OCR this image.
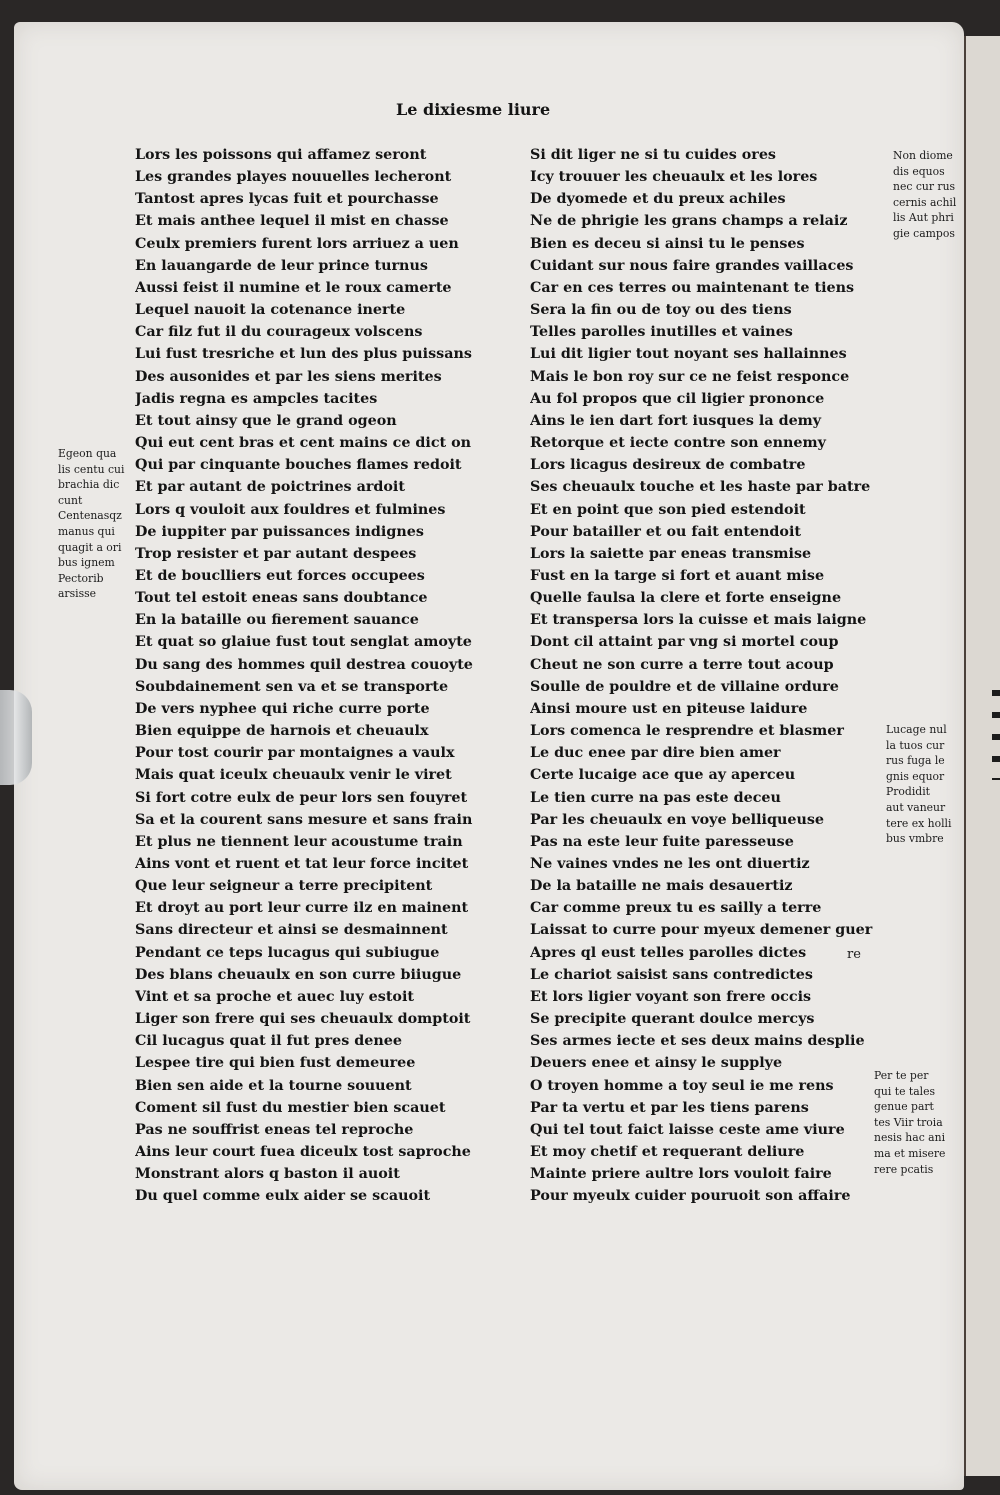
Le dixiesme liure
Lors les poissons qui affamez seront
Les grandes playes nouuelles lecheront
Tantost apres lycas fuit et pourchasse
Et mais anthee lequel il mist en chasse
Ceulx premiers furent lors arriuez a uen
En lauangarde de leur prince turnus
Aussi feist il numine et le roux camerte
Lequel nauoit la cotenance inerte
Car filz fut il du courageux volscens
Lui fust tresriche et lun des plus puissans
Des ausonides et par les siens merites
Jadis regna es ampcles tacites
Et tout ainsy que le grand ogeon
Qui eut cent bras et cent mains ce dict on
Qui par cinquante bouches flames redoit
Et par autant de poictrines ardoit
Lors q vouloit aux fouldres et fulmines
De iuppiter par puissances indignes
Trop resister et par autant despees
Et de bouclliers eut forces occupees
Tout tel estoit eneas sans doubtance
En la bataille ou fierement sauance
Et quat so glaiue fust tout senglat amoyte
Du sang des hommes quil destrea couoyte
Soubdainement sen va et se transporte
De vers nyphee qui riche curre porte
Bien equippe de harnois et cheuaulx
Pour tost courir par montaignes a vaulx
Mais quat iceulx cheuaulx venir le viret
Si fort cotre eulx de peur lors sen fouyret
Sa et la courent sans mesure et sans frain
Et plus ne tiennent leur acoustume train
Ains vont et ruent et tat leur force incitet
Que leur seigneur a terre precipitent
Et droyt au port leur curre ilz en mainent
Sans directeur et ainsi se desmainnent
Pendant ce teps lucagus qui subiugue
Des blans cheuaulx en son curre biiugue
Vint et sa proche et auec luy estoit
Liger son frere qui ses cheuaulx domptoit
Cil lucagus quat il fut pres denee
Lespee tire qui bien fust demeuree
Bien sen aide et la tourne souuent
Coment sil fust du mestier bien scauet
Pas ne souffrist eneas tel reproche
Ains leur court fuea diceulx tost saproche
Monstrant alors q baston il auoit
Du quel comme eulx aider se scauoit
Si dit liger ne si tu cuides ores
Icy trouuer les cheuaulx et les lores
De dyomede et du preux achiles
Ne de phrigie les grans champs a relaiz
Bien es deceu si ainsi tu le penses
Cuidant sur nous faire grandes vaillaces
Car en ces terres ou maintenant te tiens
Sera la fin ou de toy ou des tiens
Telles parolles inutilles et vaines
Lui dit ligier tout noyant ses hallainnes
Mais le bon roy sur ce ne feist responce
Au fol propos que cil ligier prononce
Ains le ien dart fort iusques la demy
Retorque et iecte contre son ennemy
Lors licagus desireux de combatre
Ses cheuaulx touche et les haste par batre
Et en point que son pied estendoit
Pour batailler et ou fait entendoit
Lors la saiette par eneas transmise
Fust en la targe si fort et auant mise
Quelle faulsa la clere et forte enseigne
Et transpersa lors la cuisse et mais laigne
Dont cil attaint par vng si mortel coup
Cheut ne son curre a terre tout acoup
Soulle de pouldre et de villaine ordure
Ainsi moure ust en piteuse laidure
Lors comenca le resprendre et blasmer
Le duc enee par dire bien amer
Certe lucaige ace que ay aperceu
Le tien curre na pas este deceu
Par les cheuaulx en voye belliqueuse
Pas na este leur fuite paresseuse
Ne vaines vndes ne les ont diuertiz
De la bataille ne mais desauertiz
Car comme preux tu es sailly a terre
Laissat to curre pour myeux demener guer
Apres ql eust telles parolles dictes
Le chariot saisist sans contredictes
Et lors ligier voyant son frere occis
Se precipite querant doulce mercys
Ses armes iecte et ses deux mains desplie
Deuers enee et ainsy le supplye
O troyen homme a toy seul ie me rens
Par ta vertu et par les tiens parens
Qui tel tout faict laisse ceste ame viure
Et moy chetif et requerant deliure
Mainte priere aultre lors vouloit faire
Pour myeulx cuider pouruoit son affaire
Egeon qua
lis centu cui
brachia dic
cunt
Centenasqz
manus qui
quagit a ori
bus ignem
Pectorib
arsisse
Non diome
dis equos
nec cur rus
cernis achil
lis Aut phri
gie campos
Lucage nul
la tuos cur
rus fuga le
gnis equor
Prodidit
aut vaneur
tere ex holli
bus vmbre
Per te per
qui te tales
genue part
tes Viir troia
nesis hac ani
ma et misere
rere pcatis
re
